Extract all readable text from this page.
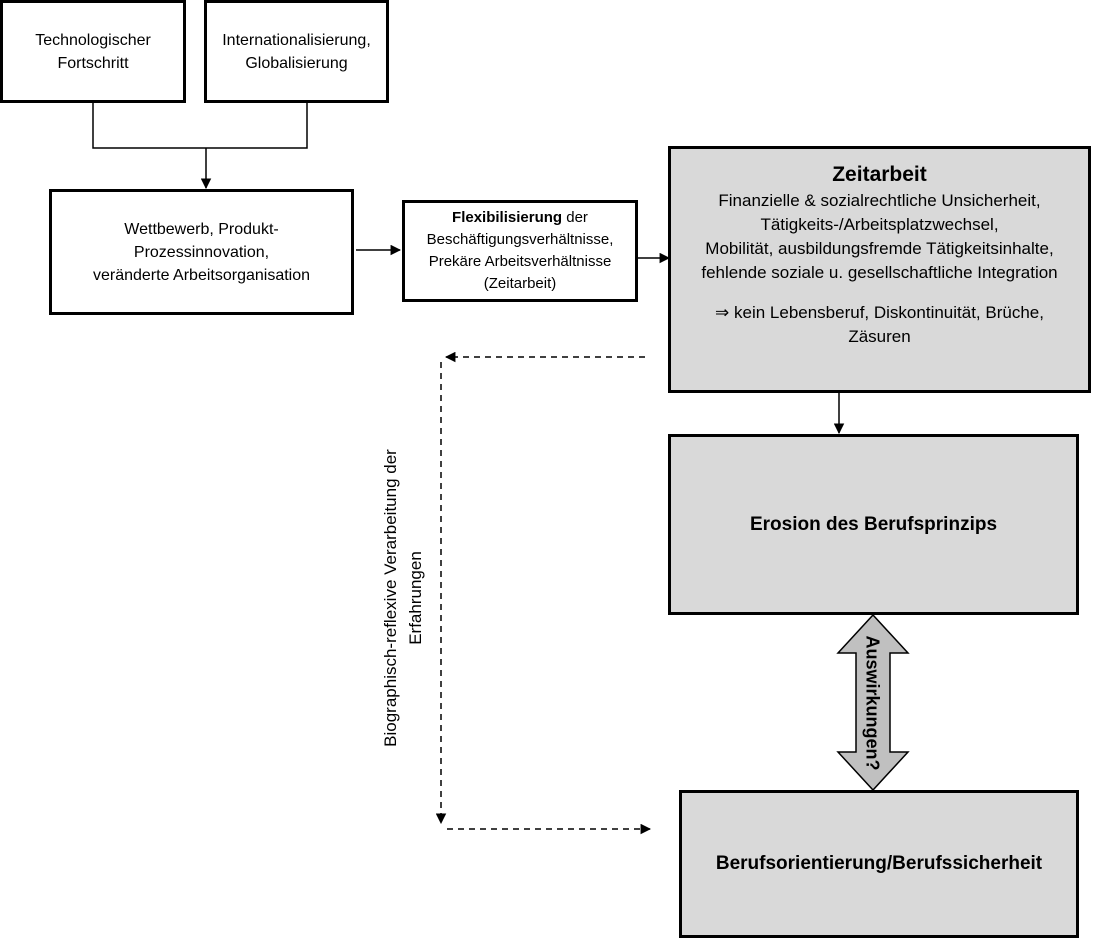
Technologischer
Fortschritt
Internationalisierung,
Globalisierung
Wettbewerb, Produkt-
Prozessinnovation,
veränderte Arbeitsorganisation
Flexibilisierung der
Beschäftigungsverhältnisse,
Prekäre Arbeitsverhältnisse
(Zeitarbeit)
Zeitarbeit
Finanzielle & sozialrechtliche Unsicherheit,
Tätigkeits-/Arbeitsplatzwechsel,
Mobilität, ausbildungsfremde Tätigkeitsinhalte,
fehlende soziale u. gesellschaftliche Integration
⇒ kein Lebensberuf, Diskontinuität, Brüche,
Zäsuren
Erosion des Berufsprinzips
Berufsorientierung/Berufssicherheit
Biographisch-reflexive Verarbeitung der Erfahrungen
Auswirkungen?
